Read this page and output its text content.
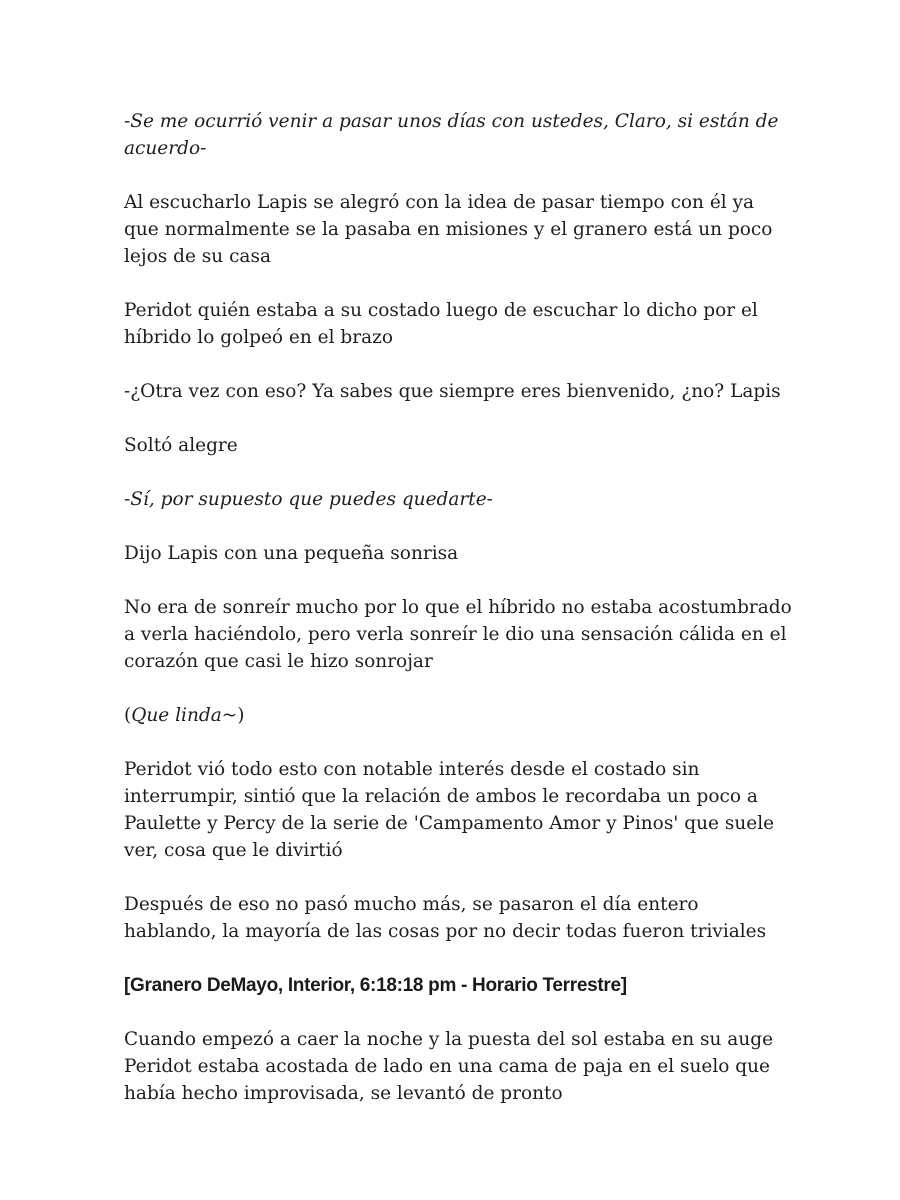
-Se me ocurrió venir a pasar unos días con ustedes, Claro, si están de acuerdo-

Al escucharlo Lapis se alegró con la idea de pasar tiempo con él ya que normalmente se la pasaba en misiones y el granero está un poco lejos de su casa

Peridot quién estaba a su costado luego de escuchar lo dicho por el híbrido lo golpeó en el brazo

-¿Otra vez con eso? Ya sabes que siempre eres bienvenido, ¿no? Lapis

Soltó alegre

-Sí, por supuesto que puedes quedarte-

Dijo Lapis con una pequeña sonrisa

No era de sonreír mucho por lo que el híbrido no estaba acostumbrado a verla haciéndolo, pero verla sonreír le dio una sensación cálida en el corazón que casi le hizo sonrojar

(Que linda~)

Peridot vió todo esto con notable interés desde el costado sin interrumpir, sintió que la relación de ambos le recordaba un poco a Paulette y Percy de la serie de 'Campamento Amor y Pinos' que suele ver, cosa que le divirtió

Después de eso no pasó mucho más, se pasaron el día entero hablando, la mayoría de las cosas por no decir todas fueron triviales

[Granero DeMayo, Interior, 6:18:18 pm - Horario Terrestre]

Cuando empezó a caer la noche y la puesta del sol estaba en su auge Peridot estaba acostada de lado en una cama de paja en el suelo que había hecho improvisada, se levantó de pronto
